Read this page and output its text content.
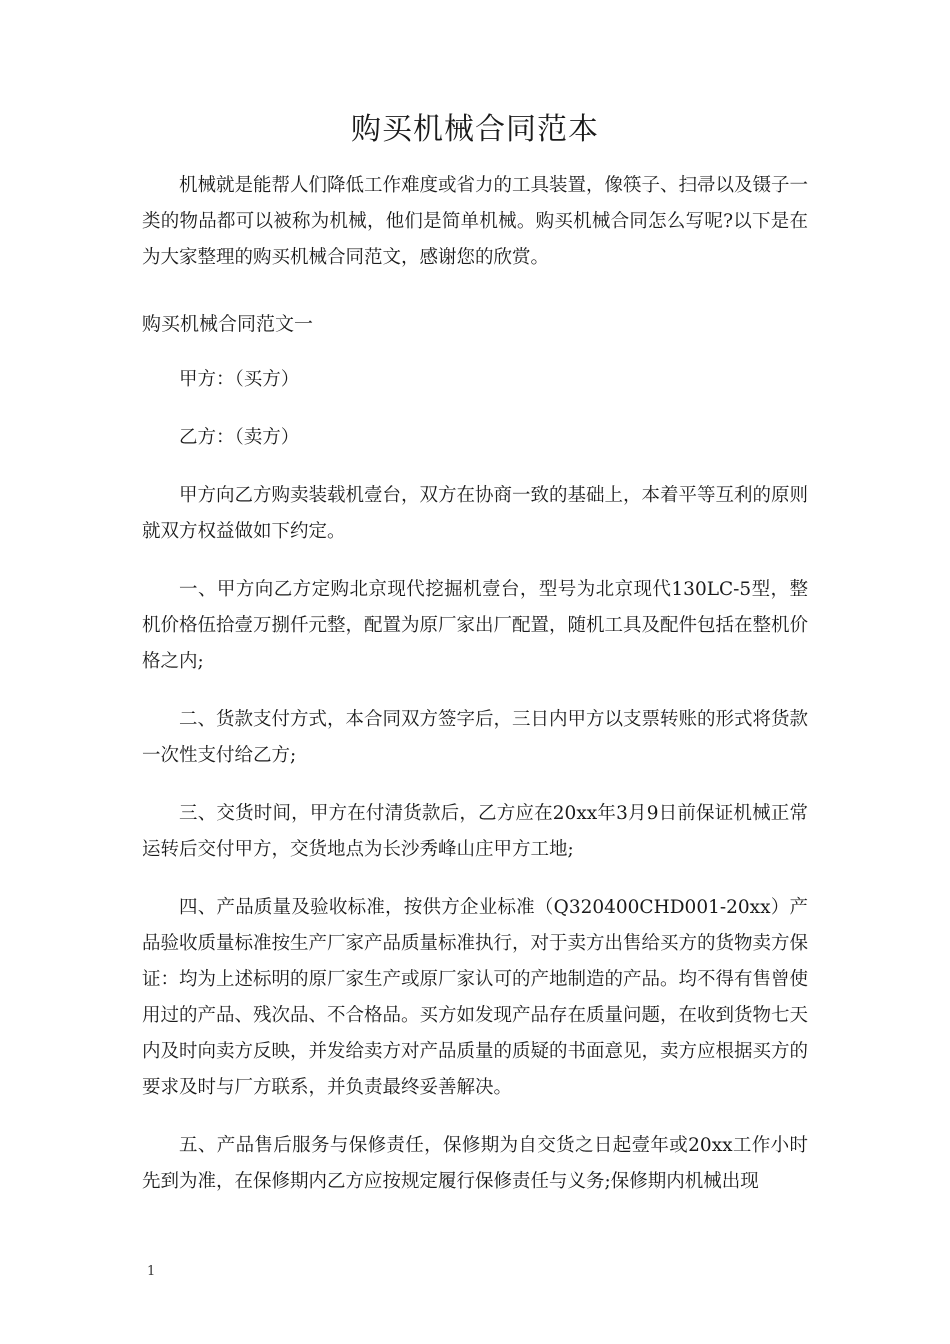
购买机械合同范本

机械就是能帮人们降低工作难度或省力的工具装置，像筷子、扫帚以及镊子一类的物品都可以被称为机械，他们是简单机械。购买机械合同怎么写呢?以下是在为大家整理的购买机械合同范文，感谢您的欣赏。

购买机械合同范文一

甲方：（买方）

乙方：（卖方）

甲方向乙方购卖装载机壹台，双方在协商一致的基础上，本着平等互利的原则就双方权益做如下约定。

一、甲方向乙方定购北京现代挖掘机壹台，型号为北京现代130LC-5型，整机价格伍拾壹万捌仟元整，配置为原厂家出厂配置，随机工具及配件包括在整机价格之内;

二、货款支付方式，本合同双方签字后，三日内甲方以支票转账的形式将货款一次性支付给乙方;

三、交货时间，甲方在付清货款后，乙方应在20xx年3月9日前保证机械正常运转后交付甲方，交货地点为长沙秀峰山庄甲方工地;

四、产品质量及验收标准，按供方企业标准（Q320400CHD001-20xx）产品验收质量标准按生产厂家产品质量标准执行，对于卖方出售给买方的货物卖方保证：均为上述标明的原厂家生产或原厂家认可的产地制造的产品。均不得有售曾使用过的产品、残次品、不合格品。买方如发现产品存在质量问题，在收到货物七天内及时向卖方反映，并发给卖方对产品质量的质疑的书面意见，卖方应根据买方的要求及时与厂方联系，并负责最终妥善解决。

五、产品售后服务与保修责任，保修期为自交货之日起壹年或20xx工作小时先到为准，在保修期内乙方应按规定履行保修责任与义务;保修期内机械出现

1
